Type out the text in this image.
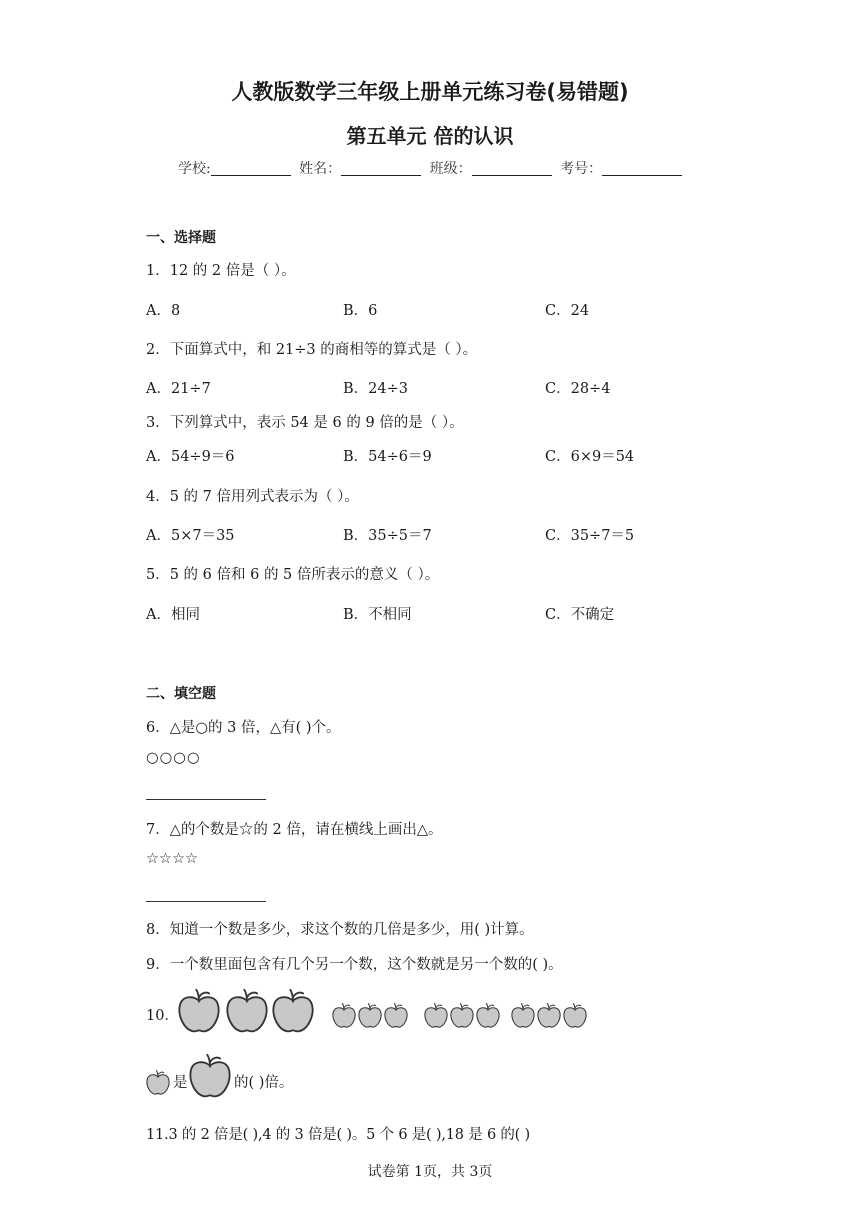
人教版数学三年级上册单元练习卷(易错题)
第五单元 倍的认识
学校:	姓名：	班级：	考号：
一、选择题
1．12 的 2 倍是（ ）。
A．8	B．6	C．24
2．下面算式中，和 21÷3 的商相等的算式是（ ）。
A．21÷7	B．24÷3	C．28÷4
3．下列算式中，表示 54 是 6 的 9 倍的是（ ）。
A．54÷9＝6	B．54÷6＝9	C．6×9＝54
4．5 的 7 倍用列式表示为（ ）。
A．5×7＝35	B．35÷5＝7	C．35÷7＝5
5．5 的 6 倍和 6 的 5 倍所表示的意义（ ）。
A．相同	B．不相同	C．不确定
二、填空题
6．△是○的 3 倍，△有( )个。
○○○○
7．△的个数是☆的 2 倍，请在横线上画出△。
☆☆☆☆
8．知道一个数是多少，求这个数的几倍是多少，用( )计算。
9．一个数里面包含有几个另一个数，这个数就是另一个数的( )。
10．
是	的( )倍。
11.3 的 2 倍是( ),4 的 3 倍是( )。5 个 6 是( ),18 是 6 的( )
试卷第 1页，共 3页
